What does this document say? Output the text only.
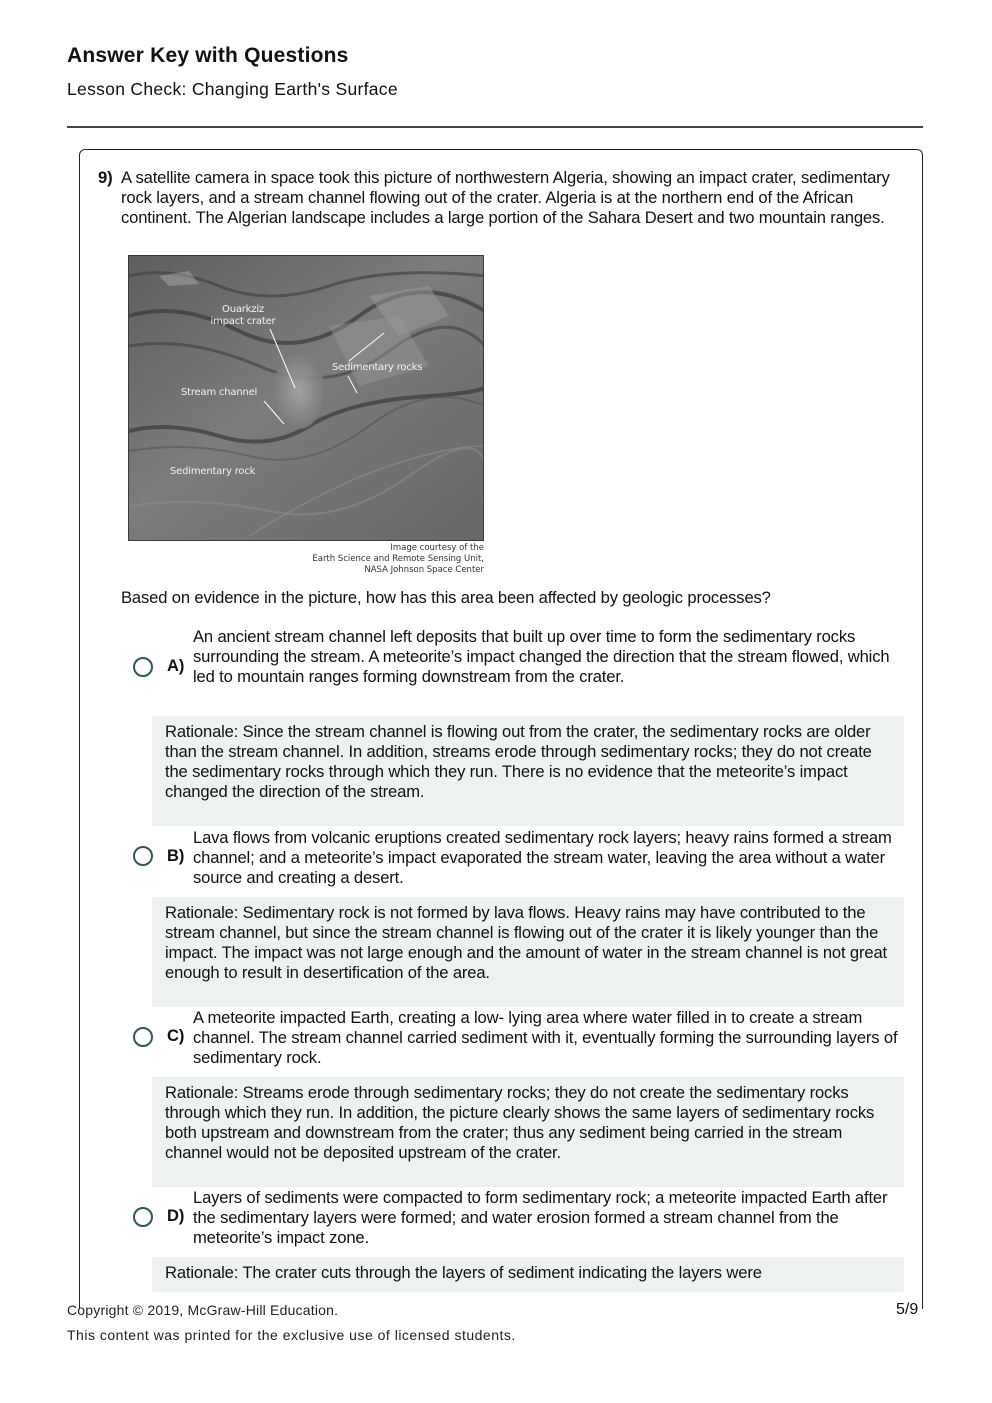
Answer Key with Questions
Lesson Check: Changing Earth's Surface
9) A satellite camera in space took this picture of northwestern Algeria, showing an impact crater, sedimentary rock layers, and a stream channel flowing out of the crater. Algeria is at the northern end of the African continent. The Algerian landscape includes a large portion of the Sahara Desert and two mountain ranges.
Ouarkziz
impact crater
Sedimentary rocks
Stream channel
Sedimentary rock
Image courtesy of the
Earth Science and Remote Sensing Unit,
NASA Johnson Space Center
Based on evidence in the picture, how has this area been affected by geologic processes?
A)
An ancient stream channel left deposits that built up over time to form the sedimentary rocks surrounding the stream. A meteorite’s impact changed the direction that the stream flowed, which led to mountain ranges forming downstream from the crater.
Rationale: Since the stream channel is flowing out from the crater, the sedimentary rocks are older than the stream channel. In addition, streams erode through sedimentary rocks; they do not create the sedimentary rocks through which they run. There is no evidence that the meteorite’s impact changed the direction of the stream.
B)
Lava flows from volcanic eruptions created sedimentary rock layers; heavy rains formed a stream channel; and a meteorite’s impact evaporated the stream water, leaving the area without a water source and creating a desert.
Rationale: Sedimentary rock is not formed by lava flows. Heavy rains may have contributed to the stream channel, but since the stream channel is flowing out of the crater it is likely younger than the impact. The impact was not large enough and the amount of water in the stream channel is not great enough to result in desertification of the area.
C)
A meteorite impacted Earth, creating a low- lying area where water filled in to create a stream channel. The stream channel carried sediment with it, eventually forming the surrounding layers of sedimentary rock.
Rationale: Streams erode through sedimentary rocks; they do not create the sedimentary rocks through which they run. In addition, the picture clearly shows the same layers of sedimentary rocks both upstream and downstream from the crater; thus any sediment being carried in the stream channel would not be deposited upstream of the crater.
D)
Layers of sediments were compacted to form sedimentary rock; a meteorite impacted Earth after the sedimentary layers were formed; and water erosion formed a stream channel from the meteorite’s impact zone.
Rationale: The crater cuts through the layers of sediment indicating the layers were
Copyright © 2019, McGraw-Hill Education.	5/9
This content was printed for the exclusive use of licensed students.
